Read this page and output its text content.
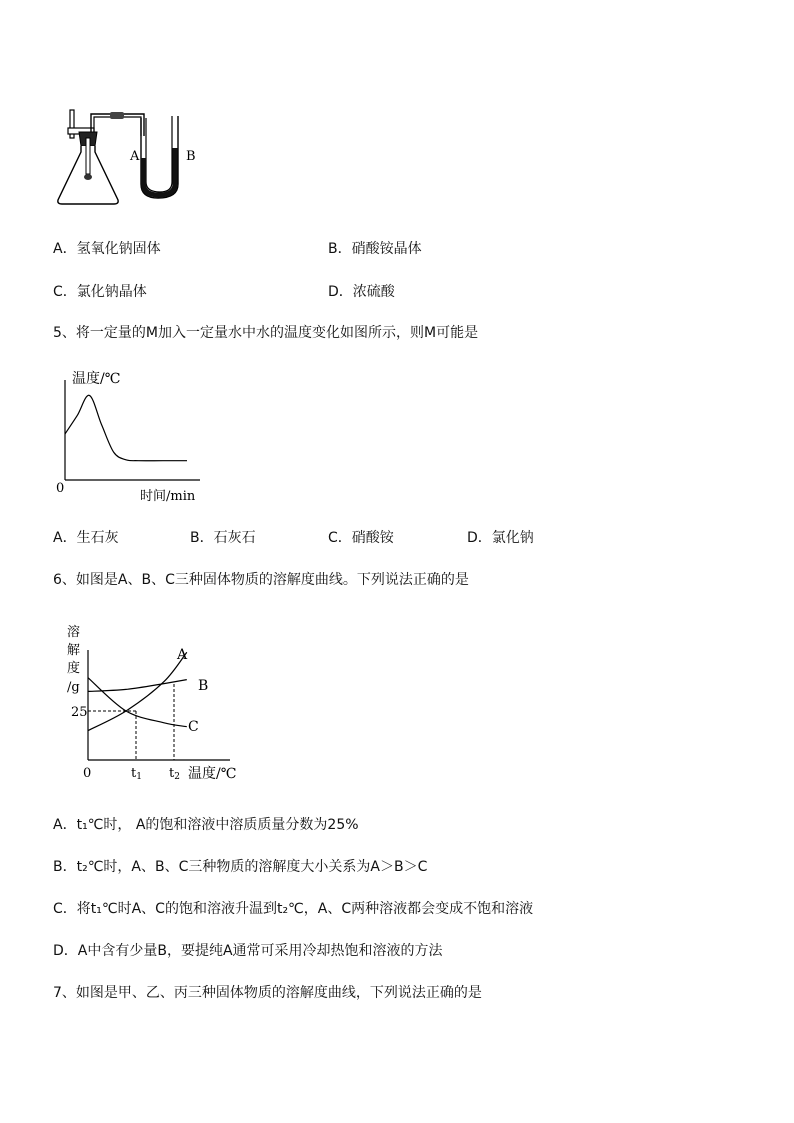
A	B
A．氢氧化钠固体	B．硝酸铵晶体
C．氯化钠晶体	D．浓硫酸
5、将一定量的M加入一定量水中水的温度变化如图所示，则M可能是
温度/℃
0
时间/min
A．生石灰	B．石灰石	C．硝酸铵	D．氯化钠
6、如图是A、B、C三种固体物质的溶解度曲线。下列说法正确的是
溶
解
度
/g
A
B
C
25
0	t1 t2 温度/℃
A．t₁℃时， A的饱和溶液中溶质质量分数为25%
B．t₂℃时，A、B、C三种物质的溶解度大小关系为A＞B＞C
C．将t₁℃时A、C的饱和溶液升温到t₂℃，A、C两种溶液都会变成不饱和溶液
D．A中含有少量B，要提纯A通常可采用冷却热饱和溶液的方法
7、如图是甲、乙、丙三种固体物质的溶解度曲线，下列说法正确的是
